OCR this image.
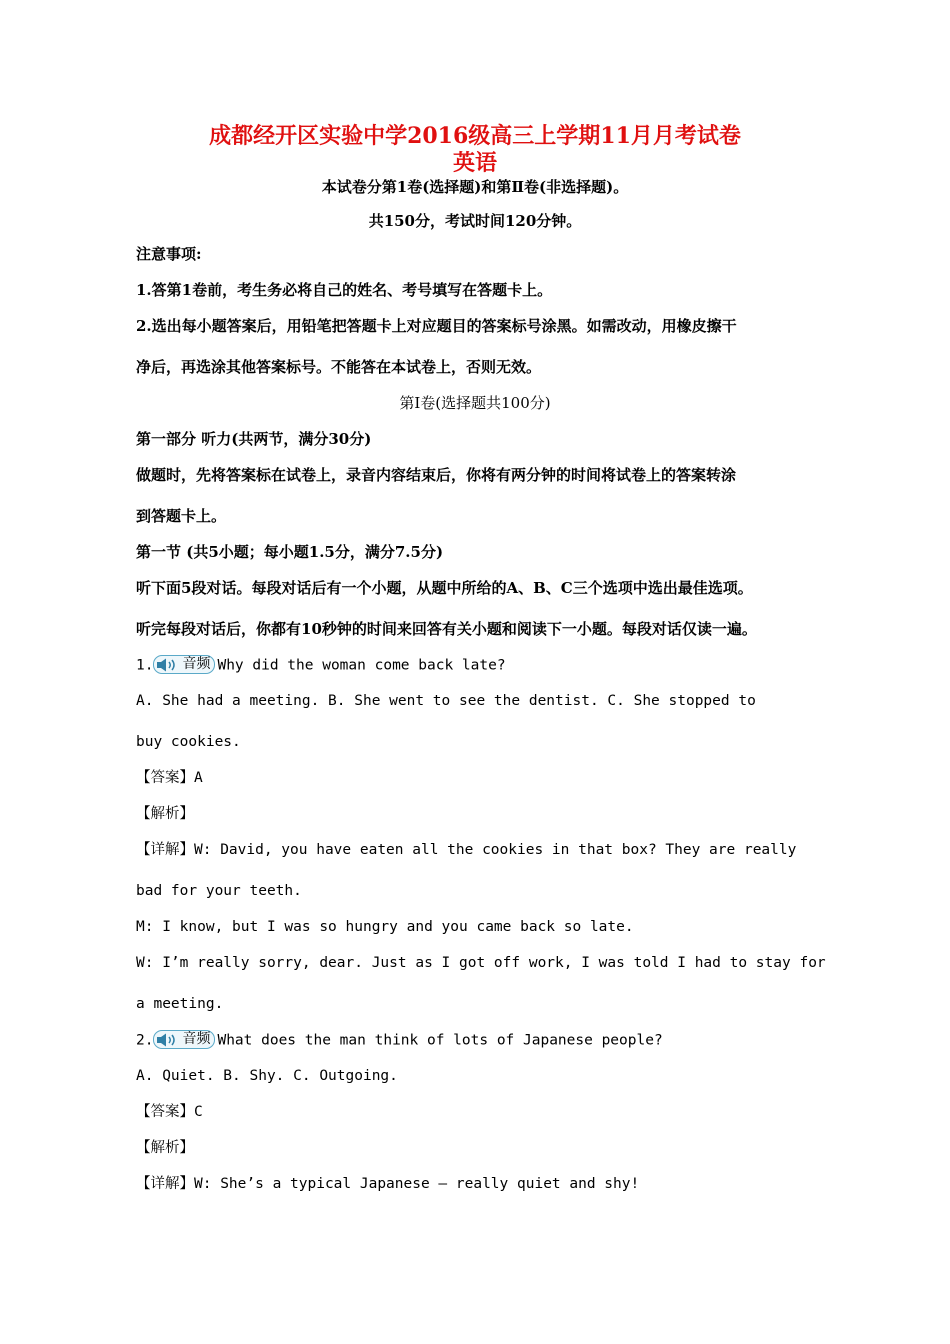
成都经开区实验中学2016级高三上学期11月月考试卷
英语
本试卷分第1卷(选择题)和第Ⅱ卷(非选择题)。
共150分，考试时间120分钟。
注意事项:
1.答第1卷前，考生务必将自己的姓名、考号填写在答题卡上。
2.选出每小题答案后，用铅笔把答题卡上对应题目的答案标号涂黑。如需改动，用橡皮擦干
净后，再选涂其他答案标号。不能答在本试卷上，否则无效。
第Ⅰ卷(选择题共100分)
第一部分 听力(共两节，满分30分)
做题时，先将答案标在试卷上，录音内容结束后，你将有两分钟的时间将试卷上的答案转涂
到答题卡上。
第一节 (共5小题；每小题1.5分，满分7.5分)
听下面5段对话。每段对话后有一个小题，从题中所给的A、B、C三个选项中选出最佳选项。
听完每段对话后，你都有10秒钟的时间来回答有关小题和阅读下一小题。每段对话仅读一遍。
1. 音频 Why did the woman come back late?
A. She had a meeting. B. She went to see the dentist. C. She stopped to
buy cookies.
【答案】A
【解析】
【详解】W: David, you have eaten all the cookies in that box? They are really
bad for your teeth.
M: I know, but I was so hungry and you came back so late.
W: I’m really sorry, dear. Just as I got off work, I was told I had to stay for
a meeting.
2. 音频 What does the man think of lots of Japanese people?
A. Quiet. B. Shy. C. Outgoing.
【答案】C
【解析】
【详解】W: She’s a typical Japanese — really quiet and shy!
